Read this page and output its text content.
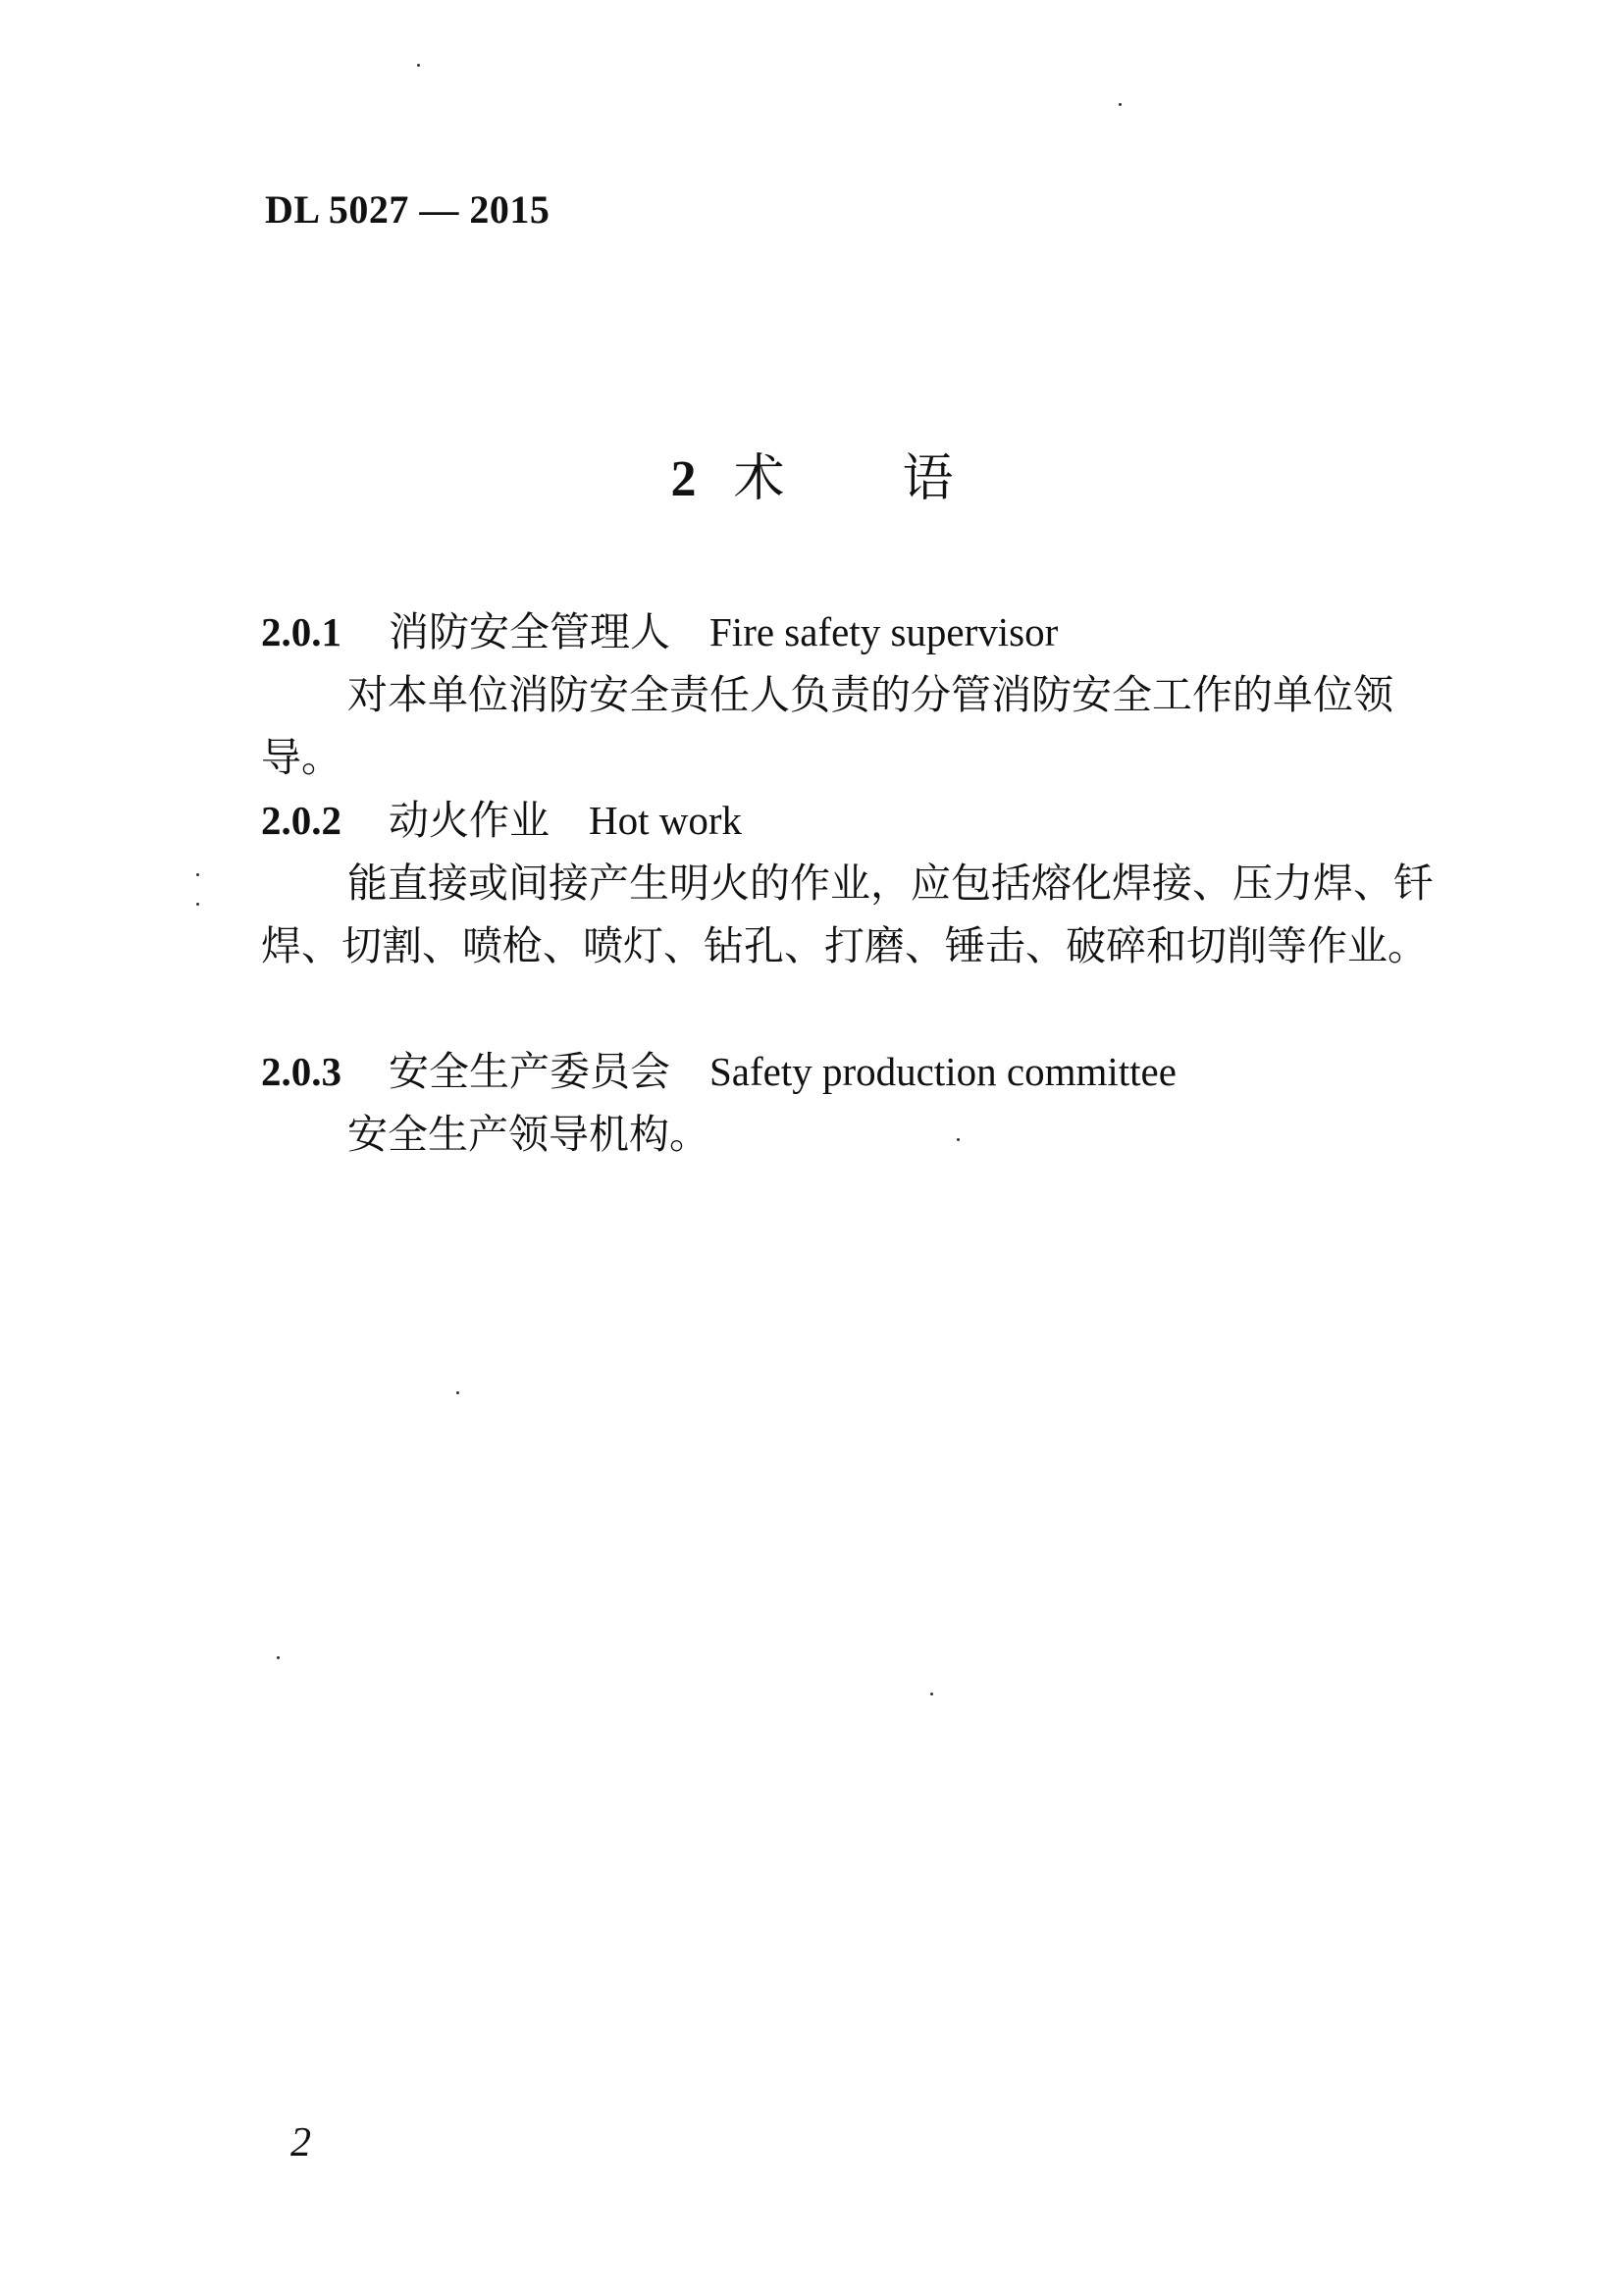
DL 5027 — 2015
2 术 语
2.0.1 消防安全管理人 Fire safety supervisor

对本单位消防安全责任人负责的分管消防安全工作的单位领导。

2.0.2 动火作业 Hot work

能直接或间接产生明火的作业，应包括熔化焊接、压力焊、钎焊、切割、喷枪、喷灯、钻孔、打磨、锤击、破碎和切削等作业。

2.0.3 安全生产委员会 Safety production committee

安全生产领导机构。

2
